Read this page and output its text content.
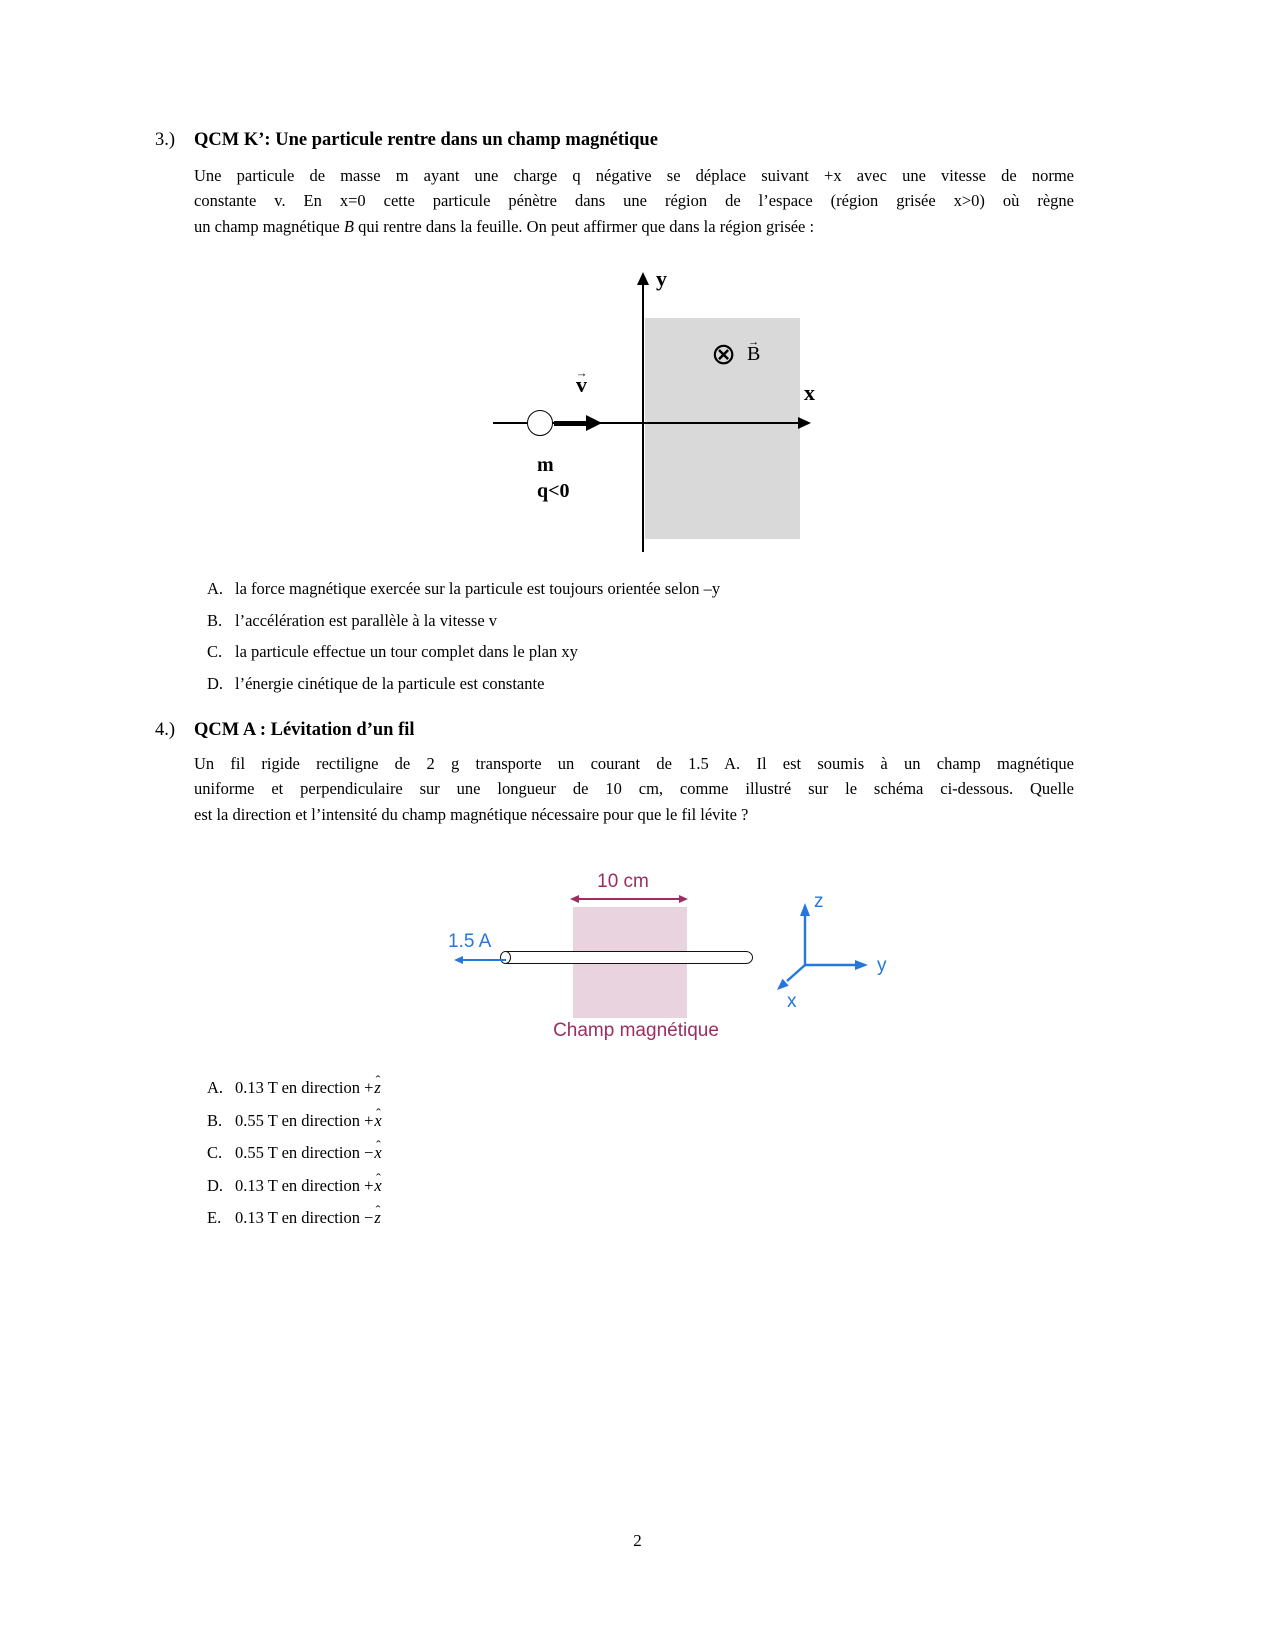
3.) QCM K’: Une particule rentre dans un champ magnétique
Une particule de masse m ayant une charge q négative se déplace suivant +x avec une vitesse de norme
constante v. En x=0 cette particule pénètre dans une région de l’espace (région grisée x>0) où règne
un champ magnétique → B qui rentre dans la feuille. On peut affirmer que dans la région grisée :
y
x
⊗ → B
→ v
m
q<0
A. la force magnétique exercée sur la particule est toujours orientée selon –y
B. l’accélération est parallèle à la vitesse v
C. la particule effectue un tour complet dans le plan xy
D. l’énergie cinétique de la particule est constante
4.) QCM A : Lévitation d’un fil
Un fil rigide rectiligne de 2 g transporte un courant de 1.5 A. Il est soumis à un champ magnétique
uniforme et perpendiculaire sur une longueur de 10 cm, comme illustré sur le schéma ci-dessous. Quelle
est la direction et l’intensité du champ magnétique nécessaire pour que le fil lévite ?
10 cm
1.5 A
z
y
x
Champ magnétique
A. 0.13 T en direction +ˆ z
B. 0.55 T en direction +ˆ x
C. 0.55 T en direction −ˆ x
D. 0.13 T en direction +ˆ x
E. 0.13 T en direction −ˆ z
2
